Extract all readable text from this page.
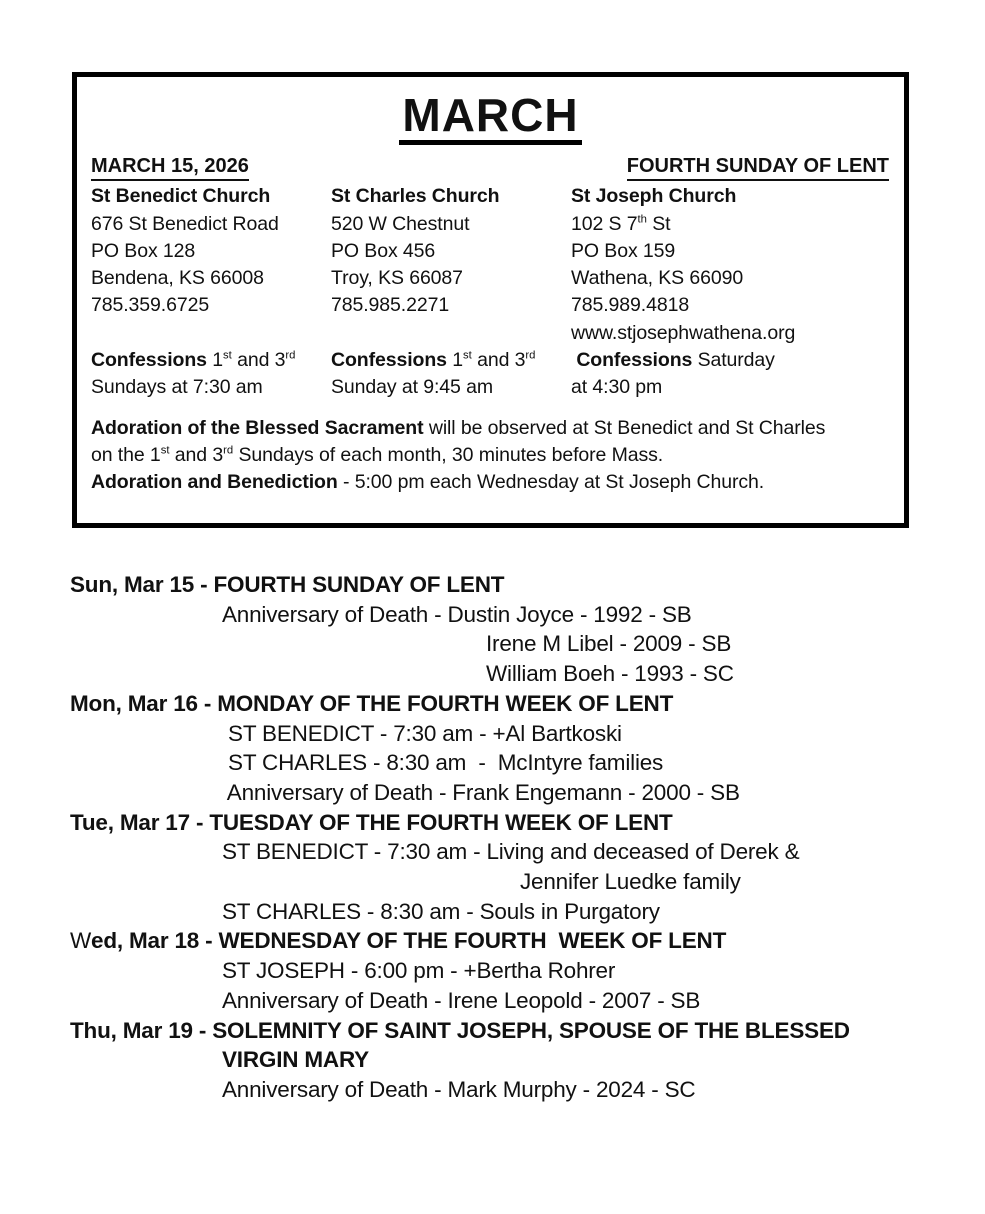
MARCH
MARCH 15, 2026	FOURTH SUNDAY OF LENT
St Benedict Church
676 St Benedict Road
PO Box 128
Bendena, KS 66008
785.359.6725

Confessions 1st and 3rd
Sundays at 7:30 am
St Charles Church
520 W Chestnut
PO Box 456
Troy, KS 66087
785.985.2271

Confessions 1st and 3rd
Sunday at 9:45 am
St Joseph Church
102 S 7th St
PO Box 159
Wathena, KS 66090
785.989.4818
www.stjosephwathena.org
Confessions Saturday
at 4:30 pm
Adoration of the Blessed Sacrament will be observed at St Benedict and St Charles
on the 1st and 3rd Sundays of each month, 30 minutes before Mass.
Adoration and Benediction - 5:00 pm each Wednesday at St Joseph Church.
Sun, Mar 15 - FOURTH SUNDAY OF LENT
Anniversary of Death - Dustin Joyce - 1992 - SB
Irene M Libel - 2009 - SB
William Boeh - 1993 - SC
Mon, Mar 16 - MONDAY OF THE FOURTH WEEK OF LENT
ST BENEDICT - 7:30 am - +Al Bartkoski
ST CHARLES - 8:30 am  -  McIntyre families
Anniversary of Death - Frank Engemann - 2000 - SB
Tue, Mar 17 - TUESDAY OF THE FOURTH WEEK OF LENT
ST BENEDICT - 7:30 am - Living and deceased of Derek &
Jennifer Luedke family
ST CHARLES - 8:30 am - Souls in Purgatory
Wed, Mar 18 - WEDNESDAY OF THE FOURTH  WEEK OF LENT
ST JOSEPH - 6:00 pm - +Bertha Rohrer
Anniversary of Death - Irene Leopold - 2007 - SB
Thu, Mar 19 - SOLEMNITY OF SAINT JOSEPH, SPOUSE OF THE BLESSED
VIRGIN MARY
Anniversary of Death - Mark Murphy - 2024 - SC
